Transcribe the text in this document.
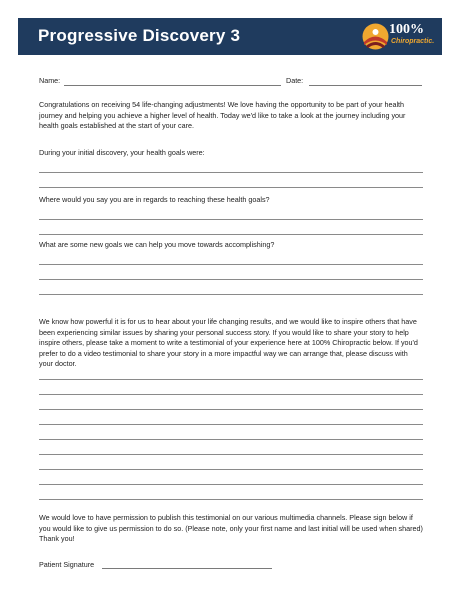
Progressive Discovery 3	100%
Chiropractic.
Name:	Date:
Congratulations on receiving 54 life-changing adjustments! We love having the opportunity to be part of your health journey and helping you achieve a higher level of health. Today we'd like to take a look at the journey including your health goals established at the start of your care.
During your initial discovery, your health goals were:
Where would you say you are in regards to reaching these health goals?
What are some new goals we can help you move towards accomplishing?
We know how powerful it is for us to hear about your life changing results, and we would like to inspire others that have been experiencing similar issues by sharing your personal success story. If you would like to share your story to help inspire others, please take a moment to write a testimonial of your experience here at 100% Chiropractic below. If you'd prefer to do a video testimonial to share your story in a more impactful way we can arrange that, please discuss with your doctor.
We would love to have permission to publish this testimonial on our various multimedia channels. Please sign below if you would like to give us permission to do so. (Please note, only your first name and last initial will be used when shared) Thank you!
Patient Signature
